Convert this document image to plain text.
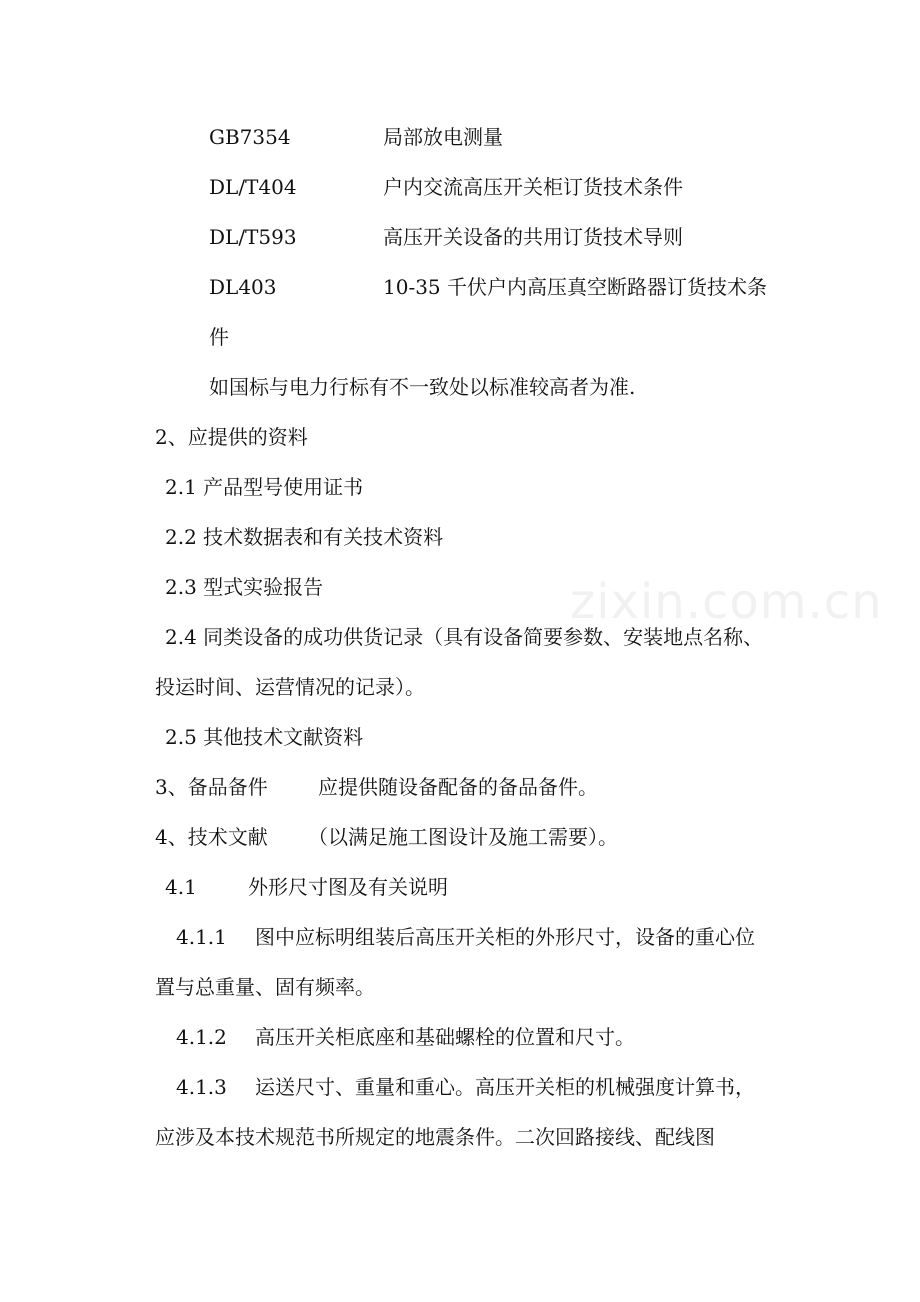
zixin.com.cn
GB7354	局部放电测量
DL/T404	户内交流高压开关柜订货技术条件
DL/T593	高压开关设备的共用订货技术导则
DL403	10-35 千伏户内高压真空断路器订货技术条
件
如国标与电力行标有不一致处以标准较高者为准.
2、应提供的资料
2.1 产品型号使用证书
2.2 技术数据表和有关技术资料
2.3 型式实验报告
2.4 同类设备的成功供货记录（具有设备简要参数、安装地点名称、
投运时间、运营情况的记录）。
2.5 其他技术文献资料
3、备品备件	应提供随设备配备的备品备件。
4、技术文献 （以满足施工图设计及施工需要）。
4.1	外形尺寸图及有关说明
4.1.1 图中应标明组装后高压开关柜的外形尺寸，设备的重心位
置与总重量、固有频率。
4.1.2 高压开关柜底座和基础螺栓的位置和尺寸。
4.1.3 运送尺寸、重量和重心。高压开关柜的机械强度计算书，
应涉及本技术规范书所规定的地震条件。二次回路接线、配线图
